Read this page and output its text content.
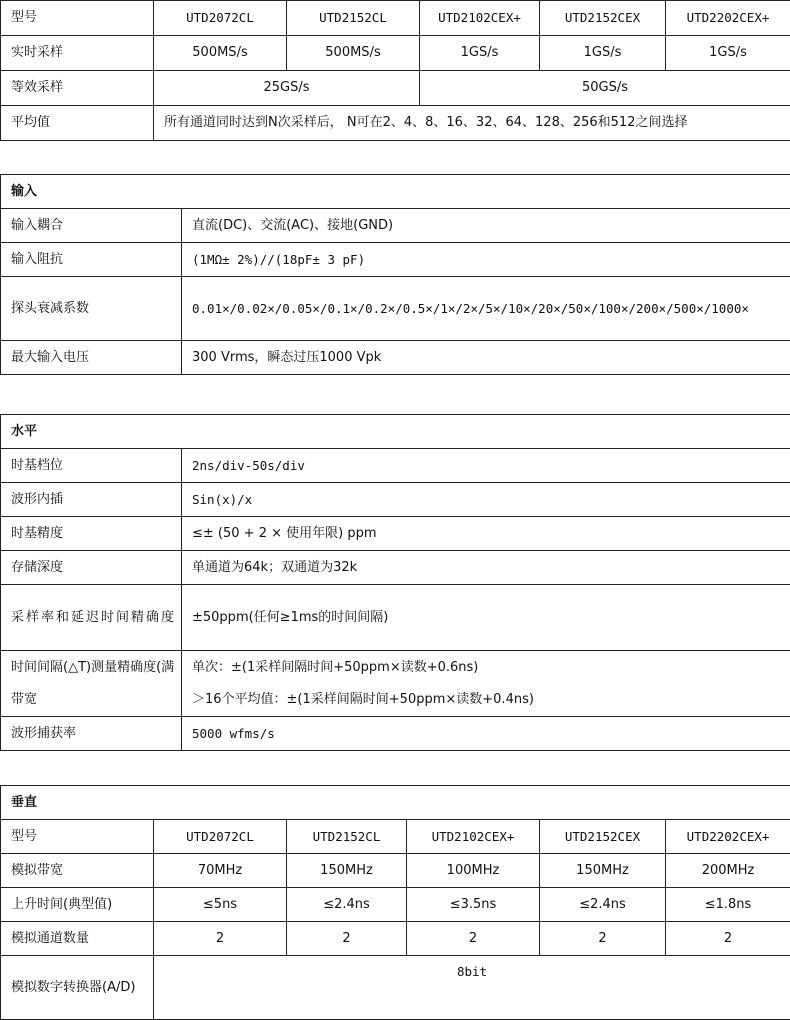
型号	UTD2072CL	UTD2152CL	UTD2102CEX+	UTD2152CEX	UTD2202CEX+
实时采样	500MS/s	500MS/s	1GS/s	1GS/s	1GS/s
等效采样	25GS/s		50GS/s		
平均值	所有通道同时达到N次采样后， N可在2、4、8、16、32、64、128、256和512之间选择				
输入	
输入耦合	直流(DC)、交流(AC)、接地(GND)
输入阻抗	(1MΩ± 2%)//(18pF± 3 pF)
探头衰减系数	0.01×/0.02×/0.05×/0.1×/0.2×/0.5×/1×/2×/5×/10×/20×/50×/100×/200×/500×/1000×
最大输入电压	300 Vrms，瞬态过压1000 Vpk
水平	
时基档位	2ns/div-50s/div
波形内插	Sin(x)/x
时基精度	≤± (50 + 2 × 使用年限) ppm
存储深度	单通道为64k；双通道为32k
采样率和延迟时间精确度	±50ppm(任何≥1ms的时间间隔)
时间间隔(△T)测量精确度(满带宽	单次：±(1采样间隔时间+50ppm×读数+0.6ns)
＞16个平均值：±(1采样间隔时间+50ppm×读数+0.4ns)

波形捕获率	5000 wfms/s
垂直					
型号	UTD2072CL	UTD2152CL	UTD2102CEX+	UTD2152CEX	UTD2202CEX+
模拟带宽	70MHz	150MHz	100MHz	150MHz	200MHz
上升时间(典型值)	≤5ns	≤2.4ns	≤3.5ns	≤2.4ns	≤1.8ns
模拟通道数量	2	2	2	2	2
模拟数字转换器(A/D)	8bit				
